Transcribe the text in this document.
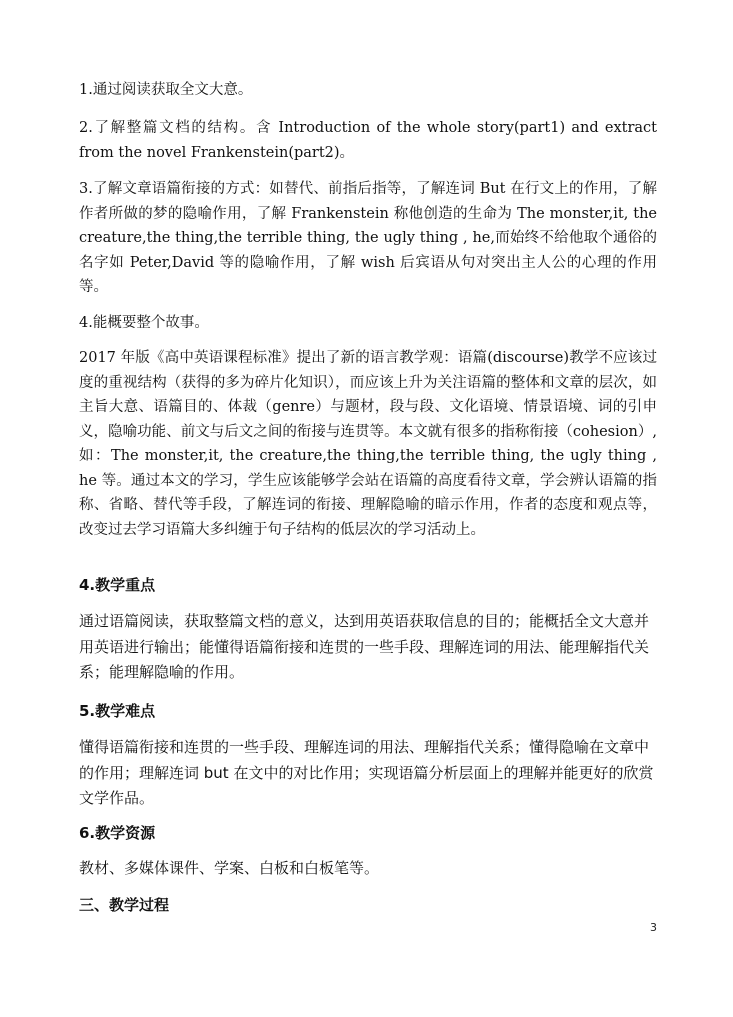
1.通过阅读获取全文大意。

2.了解整篇文档的结构。含 Introduction of the whole story(part1) and extract from the novel Frankenstein(part2)。

3.了解文章语篇衔接的方式：如替代、前指后指等，了解连词 But 在行文上的作用，了解作者所做的梦的隐喻作用，了解 Frankenstein 称他创造的生命为 The monster,it, the creature,the thing,the terrible thing, the ugly thing , he,而始终不给他取个通俗的名字如 Peter,David 等的隐喻作用，了解 wish 后宾语从句对突出主人公的心理的作用等。

4.能概要整个故事。

2017 年版《高中英语课程标准》提出了新的语言教学观：语篇(discourse)教学不应该过度的重视结构（获得的多为碎片化知识），而应该上升为关注语篇的整体和文章的层次，如主旨大意、语篇目的、体裁（genre）与题材，段与段、文化语境、情景语境、词的引申义，隐喻功能、前文与后文之间的衔接与连贯等。本文就有很多的指称衔接（cohesion）,如：The monster,it, the creature,the thing,the terrible thing, the ugly thing , he 等。通过本文的学习，学生应该能够学会站在语篇的高度看待文章，学会辨认语篇的指称、省略、替代等手段，了解连词的衔接、理解隐喻的暗示作用，作者的态度和观点等，改变过去学习语篇大多纠缠于句子结构的低层次的学习活动上。

4.教学重点

通过语篇阅读，获取整篇文档的意义，达到用英语获取信息的目的；能概括全文大意并用英语进行输出；能懂得语篇衔接和连贯的一些手段、理解连词的用法、能理解指代关系；能理解隐喻的作用。

5.教学难点

懂得语篇衔接和连贯的一些手段、理解连词的用法、理解指代关系；懂得隐喻在文章中的作用；理解连词 but 在文中的对比作用；实现语篇分析层面上的理解并能更好的欣赏文学作品。

6.教学资源

教材、多媒体课件、学案、白板和白板笔等。

三、教学过程
3
